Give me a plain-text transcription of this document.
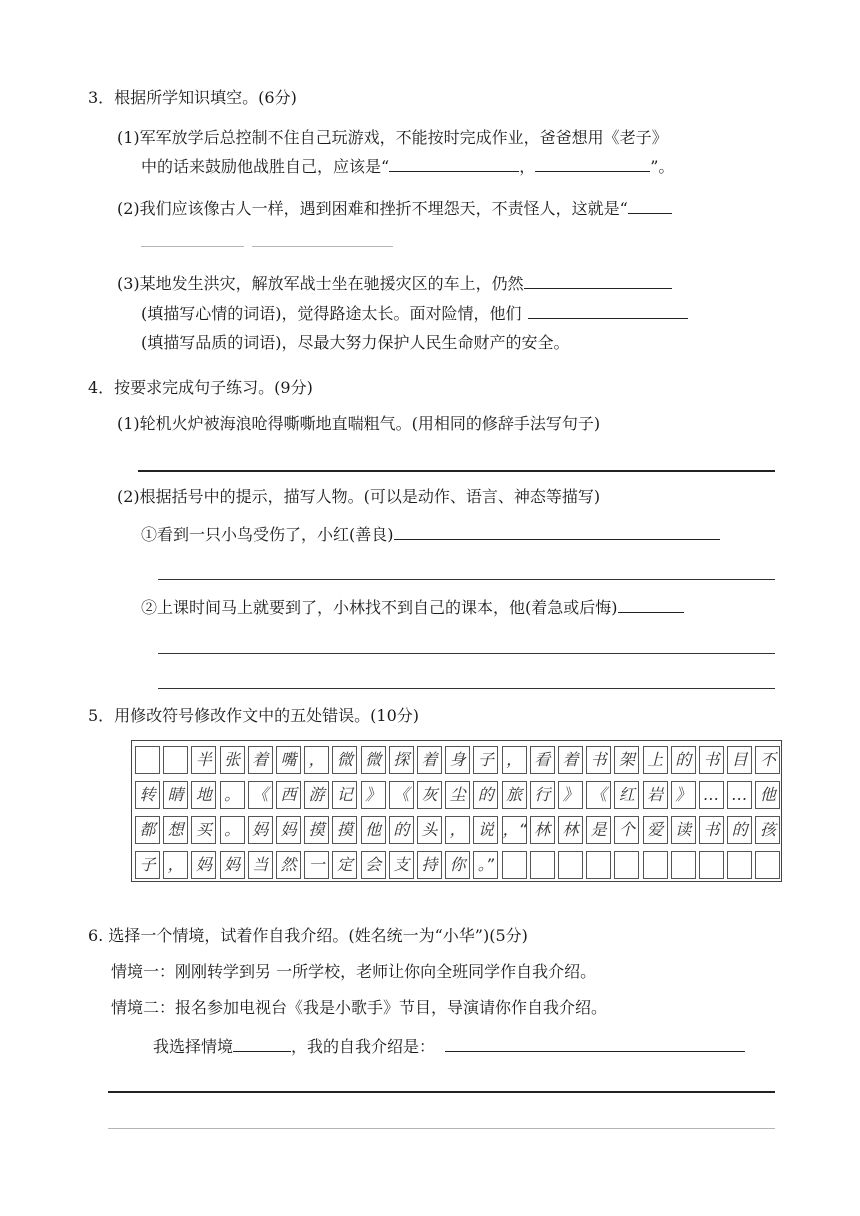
3．根据所学知识填空。(6分)
(1)军军放学后总控制不住自己玩游戏，不能按时完成作业，爸爸想用《老子》
中的话来鼓励他战胜自己，应该是“	，	”。
(2)我们应该像古人一样，遇到困难和挫折不埋怨天，不责怪人，这就是“
(3)某地发生洪灾，解放军战士坐在驰援灾区的车上，仍然
(填描写心情的词语)，觉得路途太长。面对险情，他们
(填描写品质的词语)，尽最大努力保护人民生命财产的安全。
4．按要求完成句子练习。(9分)
(1)轮机火炉被海浪呛得嘶嘶地直喘粗气。(用相同的修辞手法写句子)
(2)根据括号中的提示，描写人物。(可以是动作、语言、神态等描写)
①看到一只小鸟受伤了，小红(善良)
②上课时间马上就要到了，小林找不到自己的课本，他(着急或后悔)
5．用修改符号修改作文中的五处错误。(10分)
半 张 着 嘴 ， 微 微 探 着 身 子 ， 看 着 书 架 上 的 书 目 不
转 睛 地 。 《 西 游 记 》 《 灰 尘 的 旅 行 》 《 红 岩 》 … … 他
都 想 买 。 妈 妈 摸 摸 他 的 头 ， 说 ，“ 林 林 是 个 爱 读 书 的 孩
子 ， 妈 妈 当 然 一 定 会 支 持 你 。”
6. 选择一个情境，试着作自我介绍。(姓名统一为“小华”)(5分)
情境一：刚刚转学到另 一所学校，老师让你向全班同学作自我介绍。
情境二：报名参加电视台《我是小歌手》节目，导演请你作自我介绍。
我选择情境	，我的自我介绍是：
